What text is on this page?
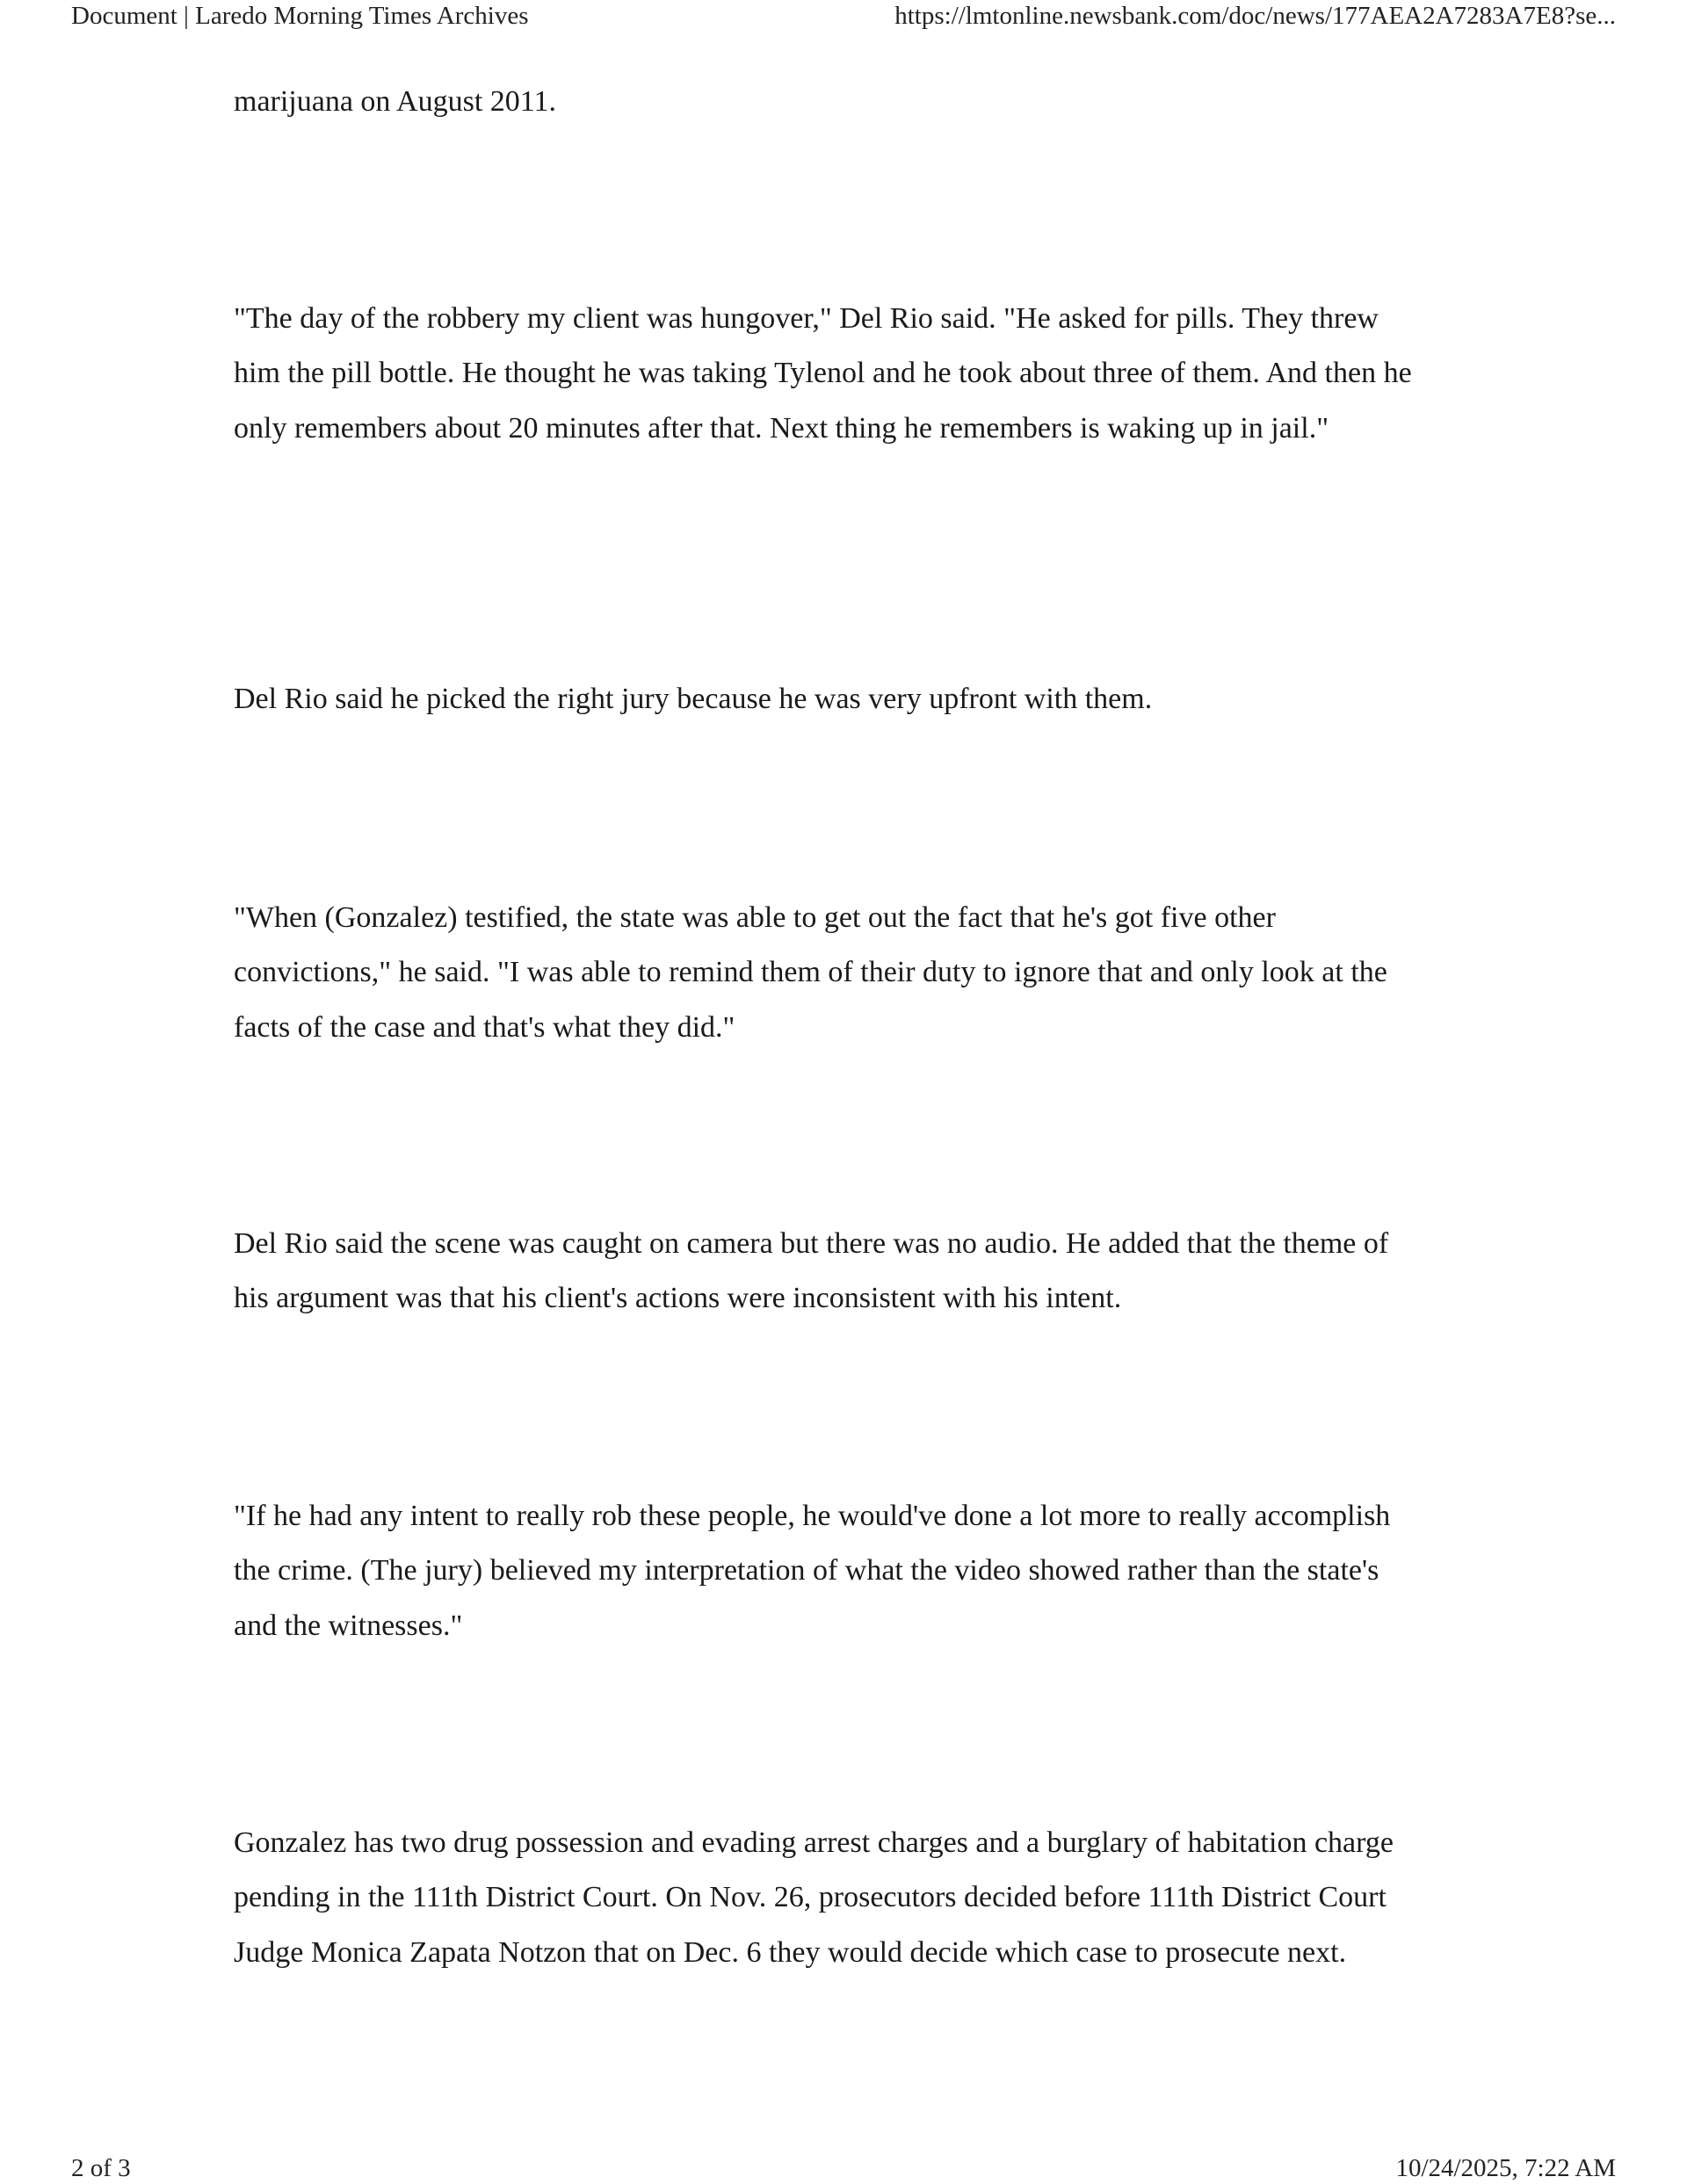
Document | Laredo Morning Times Archives	https://lmtonline.newsbank.com/doc/news/177AEA2A7283A7E8?se...

marijuana on August 2011.

"The day of the robbery my client was hungover," Del Rio said. "He asked for pills. They threw him the pill bottle. He thought he was taking Tylenol and he took about three of them. And then he only remembers about 20 minutes after that. Next thing he remembers is waking up in jail."

Del Rio said he picked the right jury because he was very upfront with them.

"When (Gonzalez) testified, the state was able to get out the fact that he's got five other convictions," he said. "I was able to remind them of their duty to ignore that and only look at the facts of the case and that's what they did."

Del Rio said the scene was caught on camera but there was no audio. He added that the theme of his argument was that his client's actions were inconsistent with his intent.

"If he had any intent to really rob these people, he would've done a lot more to really accomplish the crime. (The jury) believed my interpretation of what the video showed rather than the state's and the witnesses."

Gonzalez has two drug possession and evading arrest charges and a burglary of habitation charge pending in the 111th District Court. On Nov. 26, prosecutors decided before 111th District Court Judge Monica Zapata Notzon that on Dec. 6 they would decide which case to prosecute next.

2 of 3	10/24/2025, 7:22 AM
